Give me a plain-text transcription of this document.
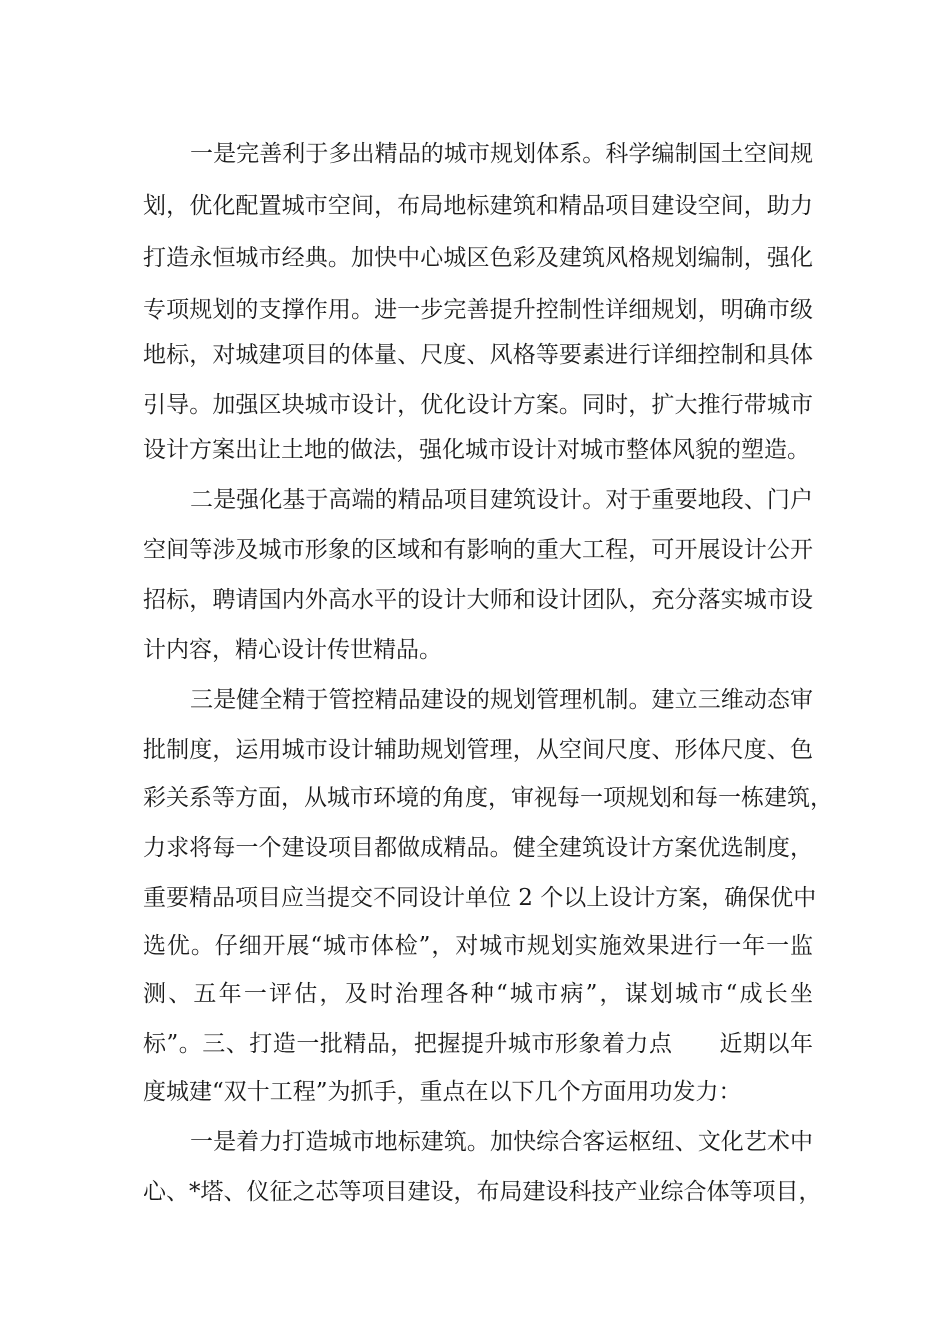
一是完善利于多出精品的城市规划体系。科学编制国土空间规
划，优化配置城市空间，布局地标建筑和精品项目建设空间，助力
打造永恒城市经典。加快中心城区色彩及建筑风格规划编制，强化
专项规划的支撑作用。进一步完善提升控制性详细规划，明确市级
地标，对城建项目的体量、尺度、风格等要素进行详细控制和具体
引导。加强区块城市设计，优化设计方案。同时，扩大推行带城市
设计方案出让土地的做法，强化城市设计对城市整体风貌的塑造。
二是强化基于高端的精品项目建筑设计。对于重要地段、门户
空间等涉及城市形象的区域和有影响的重大工程，可开展设计公开
招标，聘请国内外高水平的设计大师和设计团队，充分落实城市设
计内容，精心设计传世精品。
三是健全精于管控精品建设的规划管理机制。建立三维动态审
批制度，运用城市设计辅助规划管理，从空间尺度、形体尺度、色
彩关系等方面，从城市环境的角度，审视每一项规划和每一栋建筑，
力求将每一个建设项目都做成精品。健全建筑设计方案优选制度，
重要精品项目应当提交不同设计单位 2 个以上设计方案，确保优中
选优。仔细开展“城市体检”，对城市规划实施效果进行一年一监
测、五年一评估，及时治理各种“城市病”，谋划城市“成长坐
标”。三、打造一批精品，把握提升城市形象着力点　　近期以年
度城建“双十工程”为抓手，重点在以下几个方面用功发力：
一是着力打造城市地标建筑。加快综合客运枢纽、文化艺术中
心、*塔、仪征之芯等项目建设，布局建设科技产业综合体等项目，
